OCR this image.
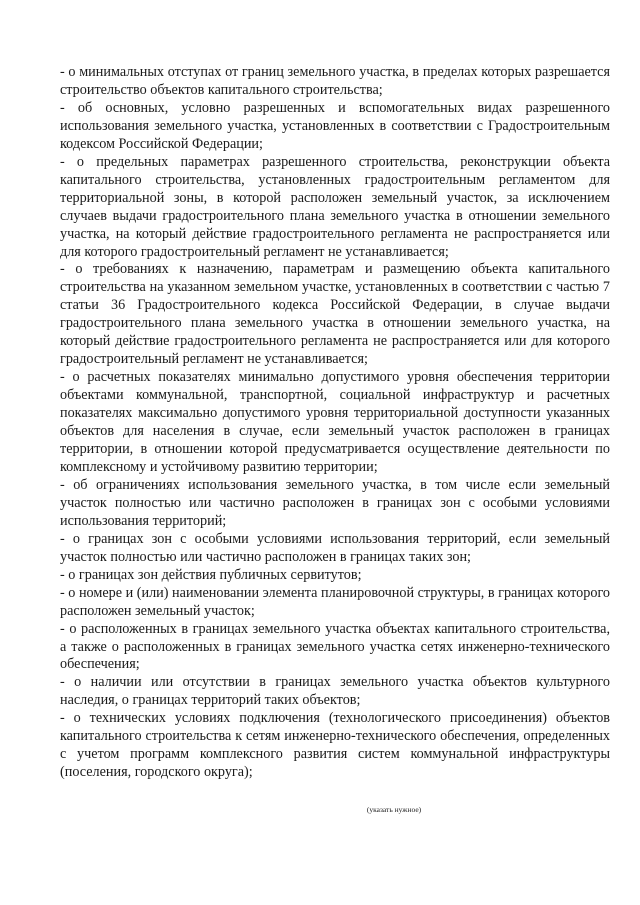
- о минимальных отступах от границ земельного участка, в пределах которых разрешается строительство объектов капитального строительства;

- об основных, условно разрешенных и вспомогательных видах разрешенного использования земельного участка, установленных в соответствии с Градостроительным кодексом Российской Федерации;

- о предельных параметрах разрешенного строительства, реконструкции объекта капитального строительства, установленных градостроительным регламентом для территориальной зоны, в которой расположен земельный участок, за исключением случаев выдачи градостроительного плана земельного участка в отношении земельного участка, на который действие градостроительного регламента не распространяется или для которого градостроительный регламент не устанавливается;

- о требованиях к назначению, параметрам и размещению объекта капитального строительства на указанном земельном участке, установленных в соответствии с частью 7 статьи 36 Градостроительного кодекса Российской Федерации, в случае выдачи градостроительного плана земельного участка в отношении земельного участка, на который действие градостроительного регламента не распространяется или для которого градостроительный регламент не устанавливается;

- о расчетных показателях минимально допустимого уровня обеспечения территории объектами коммунальной, транспортной, социальной инфраструктур и расчетных показателях максимально допустимого уровня территориальной доступности указанных объектов для населения в случае, если земельный участок расположен в границах территории, в отношении которой предусматривается осуществление деятельности по комплексному и устойчивому развитию территории;

- об ограничениях использования земельного участка, в том числе если земельный участок полностью или частично расположен в границах зон с особыми условиями использования территорий;

- о границах зон с особыми условиями использования территорий, если земельный участок полностью или частично расположен в границах таких зон;

- о границах зон действия публичных сервитутов;

- о номере и (или) наименовании элемента планировочной структуры, в границах которого расположен земельный участок;

- о расположенных в границах земельного участка объектах капитального строительства, а также о расположенных в границах земельного участка сетях инженерно-технического обеспечения;

- о наличии или отсутствии в границах земельного участка объектов культурного наследия, о границах территорий таких объектов;

- о технических условиях подключения (технологического присоединения) объектов капитального строительства к сетям инженерно-технического обеспечения, определенных с учетом программ комплексного развития систем коммунальной инфраструктуры (поселения, городского округа);

(указать нужное)
